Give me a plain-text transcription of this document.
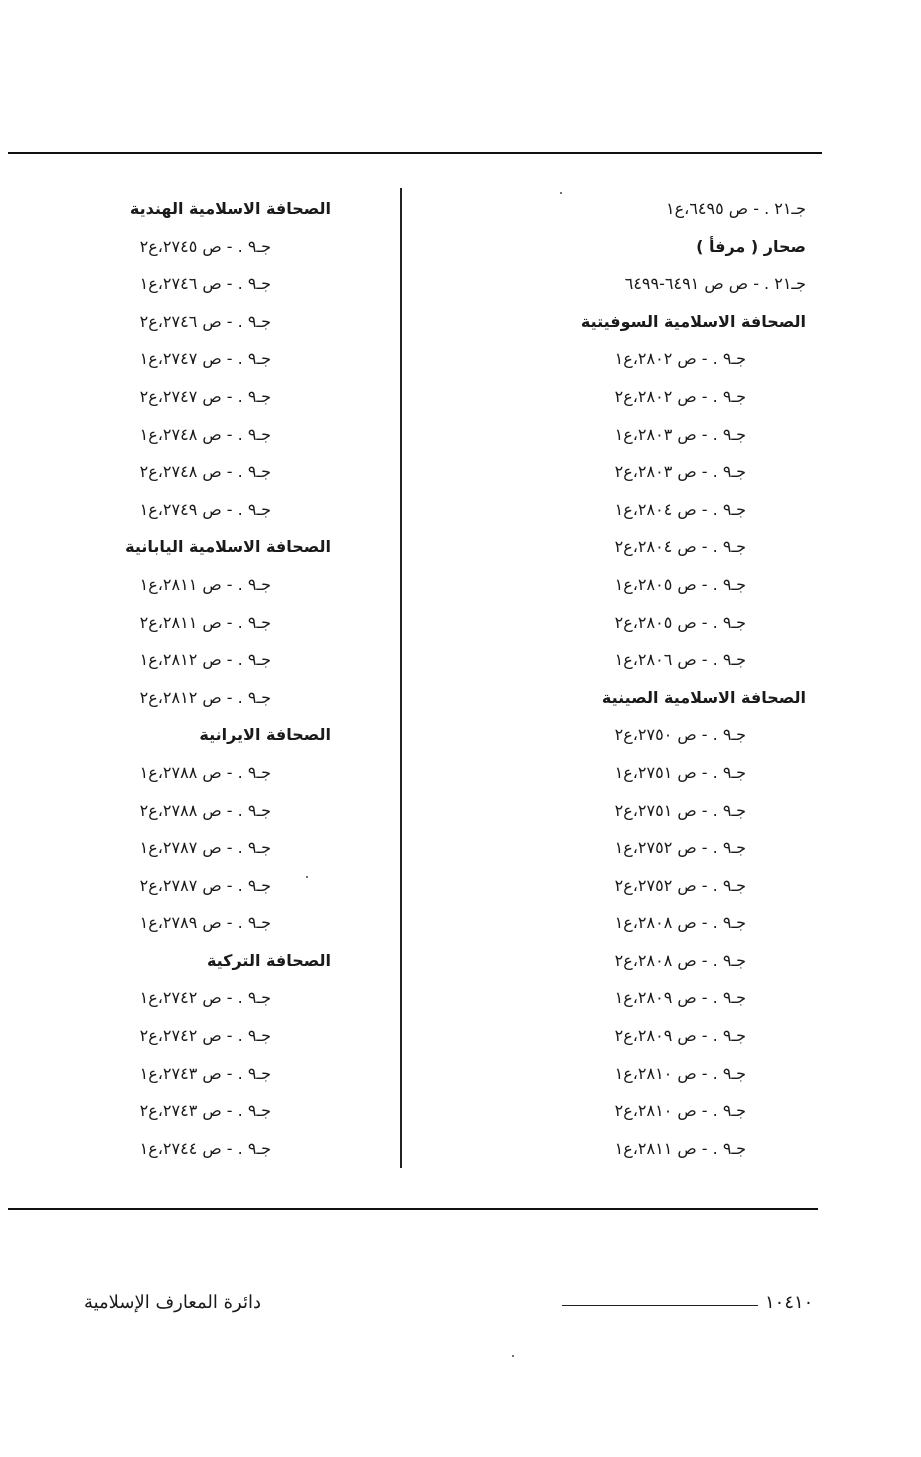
جـ٢١ . - ص ٦٤٩٥،ع١
صحار ( مرفأ )
جـ٢١ . - ص ص ٦٤٩١-٦٤٩٩
الصحافة الاسلامية السوفيتية
جـ٩ . - ص ٢٨٠٢،ع١
جـ٩ . - ص ٢٨٠٢،ع٢
جـ٩ . - ص ٢٨٠٣،ع١
جـ٩ . - ص ٢٨٠٣،ع٢
جـ٩ . - ص ٢٨٠٤،ع١
جـ٩ . - ص ٢٨٠٤،ع٢
جـ٩ . - ص ٢٨٠٥،ع١
جـ٩ . - ص ٢٨٠٥،ع٢
جـ٩ . - ص ٢٨٠٦،ع١
الصحافة الاسلامية الصينية
جـ٩ . - ص ٢٧٥٠،ع٢
جـ٩ . - ص ٢٧٥١،ع١
جـ٩ . - ص ٢٧٥١،ع٢
جـ٩ . - ص ٢٧٥٢،ع١
جـ٩ . - ص ٢٧٥٢،ع٢
جـ٩ . - ص ٢٨٠٨،ع١
جـ٩ . - ص ٢٨٠٨،ع٢
جـ٩ . - ص ٢٨٠٩،ع١
جـ٩ . - ص ٢٨٠٩،ع٢
جـ٩ . - ص ٢٨١٠،ع١
جـ٩ . - ص ٢٨١٠،ع٢
جـ٩ . - ص ٢٨١١،ع١
الصحافة الاسلامية الهندية
جـ٩ . - ص ٢٧٤٥،ع٢
جـ٩ . - ص ٢٧٤٦،ع١
جـ٩ . - ص ٢٧٤٦،ع٢
جـ٩ . - ص ٢٧٤٧،ع١
جـ٩ . - ص ٢٧٤٧،ع٢
جـ٩ . - ص ٢٧٤٨،ع١
جـ٩ . - ص ٢٧٤٨،ع٢
جـ٩ . - ص ٢٧٤٩،ع١
الصحافة الاسلامية اليابانية
جـ٩ . - ص ٢٨١١،ع١
جـ٩ . - ص ٢٨١١،ع٢
جـ٩ . - ص ٢٨١٢،ع١
جـ٩ . - ص ٢٨١٢،ع٢
الصحافة الايرانية
جـ٩ . - ص ٢٧٨٨،ع١
جـ٩ . - ص ٢٧٨٨،ع٢
جـ٩ . - ص ٢٧٨٧،ع١
جـ٩ . - ص ٢٧٨٧،ع٢
جـ٩ . - ص ٢٧٨٩،ع١
الصحافة التركية
جـ٩ . - ص ٢٧٤٢،ع١
جـ٩ . - ص ٢٧٤٢،ع٢
جـ٩ . - ص ٢٧٤٣،ع١
جـ٩ . - ص ٢٧٤٣،ع٢
جـ٩ . - ص ٢٧٤٤،ع١
١٠٤١٠
دائرة المعارف الإسلامية
